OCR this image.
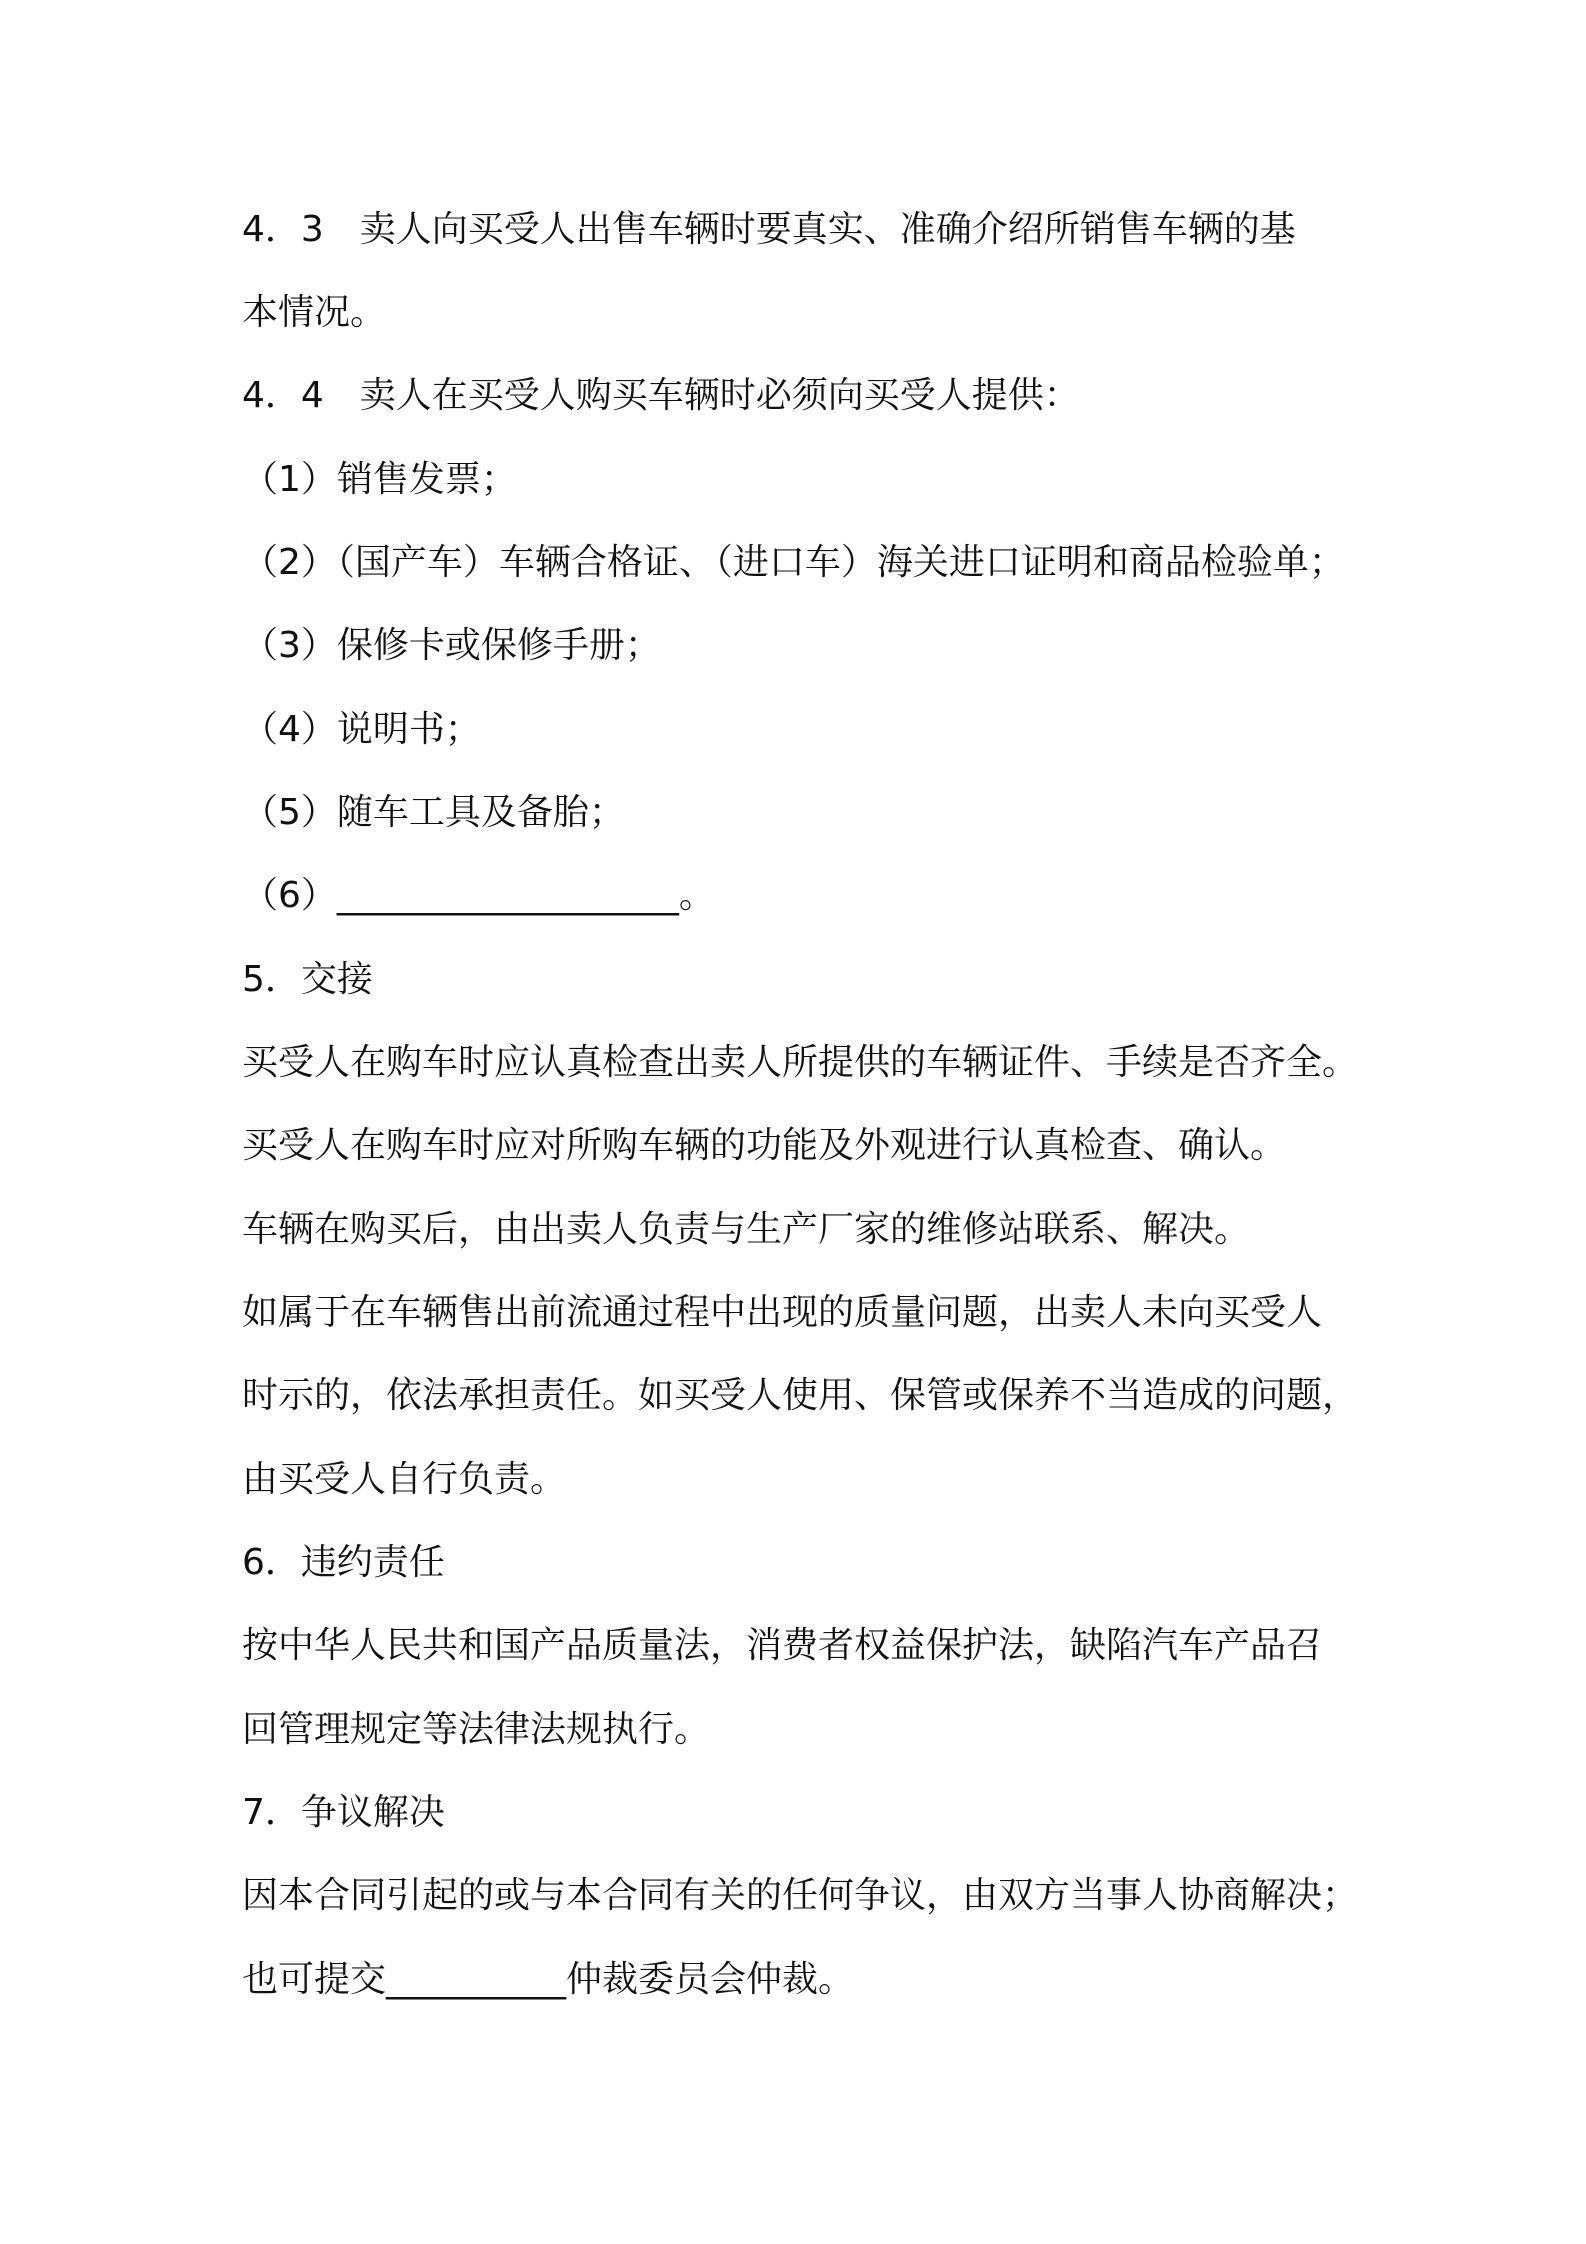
4．3　卖人向买受人出售车辆时要真实、准确介绍所销售车辆的基

本情况。

4．4　卖人在买受人购买车辆时必须向买受人提供：

（1）销售发票；

（2）（国产车）车辆合格证、（进口车）海关进口证明和商品检验单；

（3）保修卡或保修手册；

（4）说明书；

（5）随车工具及备胎；

（6）___________________。

5．交接

买受人在购车时应认真检查出卖人所提供的车辆证件、手续是否齐全。

买受人在购车时应对所购车辆的功能及外观进行认真检查、确认。

车辆在购买后，由出卖人负责与生产厂家的维修站联系、解决。

如属于在车辆售出前流通过程中出现的质量问题，出卖人未向买受人

时示的，依法承担责任。如买受人使用、保管或保养不当造成的问题，

由买受人自行负责。

6．违约责任

按中华人民共和国产品质量法，消费者权益保护法，缺陷汽车产品召

回管理规定等法律法规执行。

7．争议解决

因本合同引起的或与本合同有关的任何争议，由双方当事人协商解决；

也可提交__________仲裁委员会仲裁。
